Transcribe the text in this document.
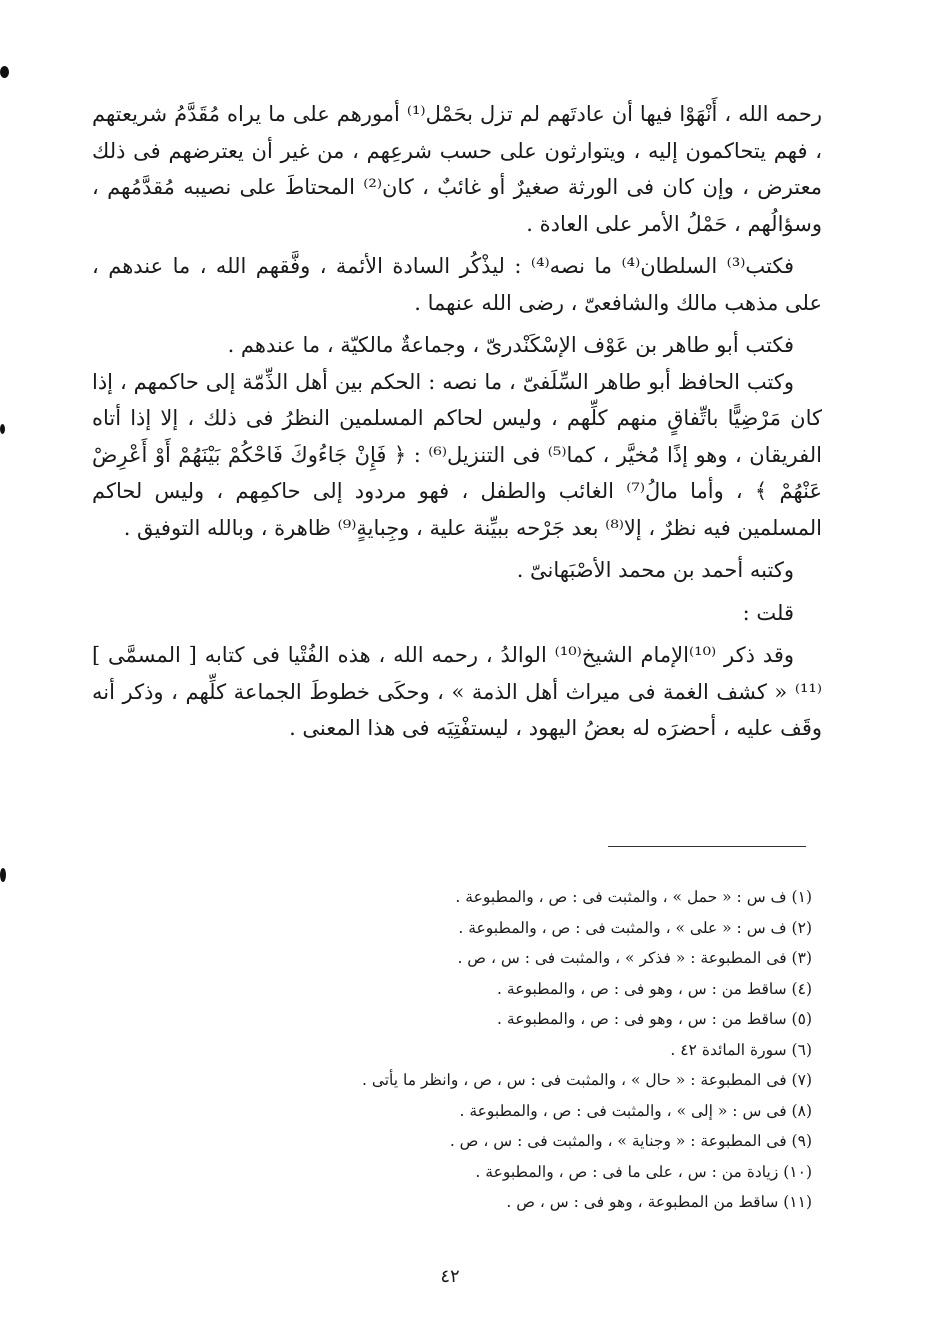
رحمه الله ، أَنْهَوْا فيها أن عادتَهم لم تزل بحَمْل⁽¹⁾ أمورهم على ما يراه مُقَدَّمُ شريعتهم ، فهم يتحاكمون إليه ، ويتوارثون على حسب شرعِهم ، من غير أن يعترضهم فى ذلك معترض ، وإن كان فى الورثة صغيرٌ أو غائبٌ ، كان⁽²⁾ المحتاطَ على نصيبه مُقدَّمُهم ، وسؤالُهم ، حَمْلُ الأمر على العادة .

فكتب⁽³⁾ السلطان⁽⁴⁾ ما نصه⁽⁴⁾ : ليذْكُر السادة الأئمة ، وفَّقهم الله ، ما عندهم ، على مذهب مالك والشافعىّ ، رضى الله عنهما .

فكتب أبو طاهر بن عَوْف الإسْكَنْدرىّ ، وجماعةٌ مالكيّة ، ما عندهم .

وكتب الحافظ أبو طاهر السِّلَفىّ ، ما نصه : الحكم بين أهل الذِّمّة إلى حاكمهم ، إذا كان مَرْضِيًّا باتِّفاقٍ منهم كلِّهم ، وليس لحاكم المسلمين النظرُ فى ذلك ، إلا إذا أتاه الفريقان ، وهو إذًا مُخيَّر ، كما⁽⁵⁾ فى التنزيل⁽⁶⁾ : ﴿ فَإِنْ جَاءُوكَ فَاحْكُمْ بَيْنَهُمْ أَوْ أَعْرِضْ عَنْهُمْ ﴾ ، وأما مالُ⁽⁷⁾ الغائب والطفل ، فهو مردود إلى حاكمِهم ، وليس لحاكم المسلمين فيه نظرٌ ، إلا⁽⁸⁾ بعد جَرْحه ببيِّنة علية ، وجِبايةٍ⁽⁹⁾ ظاهرة ، وبالله التوفيق .

وكتبه أحمد بن محمد الأصْبَهانىّ .

قلت :

وقد ذكر ⁽¹⁰⁾الإمام الشيخ⁽¹⁰⁾ الوالدُ ، رحمه الله ، هذه الفُتْيا فى كتابه [ المسمَّى ]⁽¹¹⁾ « كشف الغمة فى ميراث أهل الذمة » ، وحكَى خطوطَ الجماعة كلِّهم ، وذكر أنه وقَف عليه ، أحضرَه له بعضُ اليهود ، ليستفْتِيَه فى هذا المعنى .

(١) ف س : « حمل » ، والمثبت فى : ص ، والمطبوعة .

(٢) ف س : « على » ، والمثبت فى : ص ، والمطبوعة .

(٣) فى المطبوعة : « فذكر » ، والمثبت فى : س ، ص .

(٤) ساقط من : س ، وهو فى : ص ، والمطبوعة .

(٥) ساقط من : س ، وهو فى : ص ، والمطبوعة .

(٦) سورة المائدة ٤٢ .

(٧) فى المطبوعة : « حال » ، والمثبت فى : س ، ص ، وانظر ما يأتى .

(٨) فى س : « إلى » ، والمثبت فى : ص ، والمطبوعة .

(٩) فى المطبوعة : « وجناية » ، والمثبت فى : س ، ص .

(١٠) زيادة من : س ، على ما فى : ص ، والمطبوعة .

(١١) ساقط من المطبوعة ، وهو فى : س ، ص .

٤٢
